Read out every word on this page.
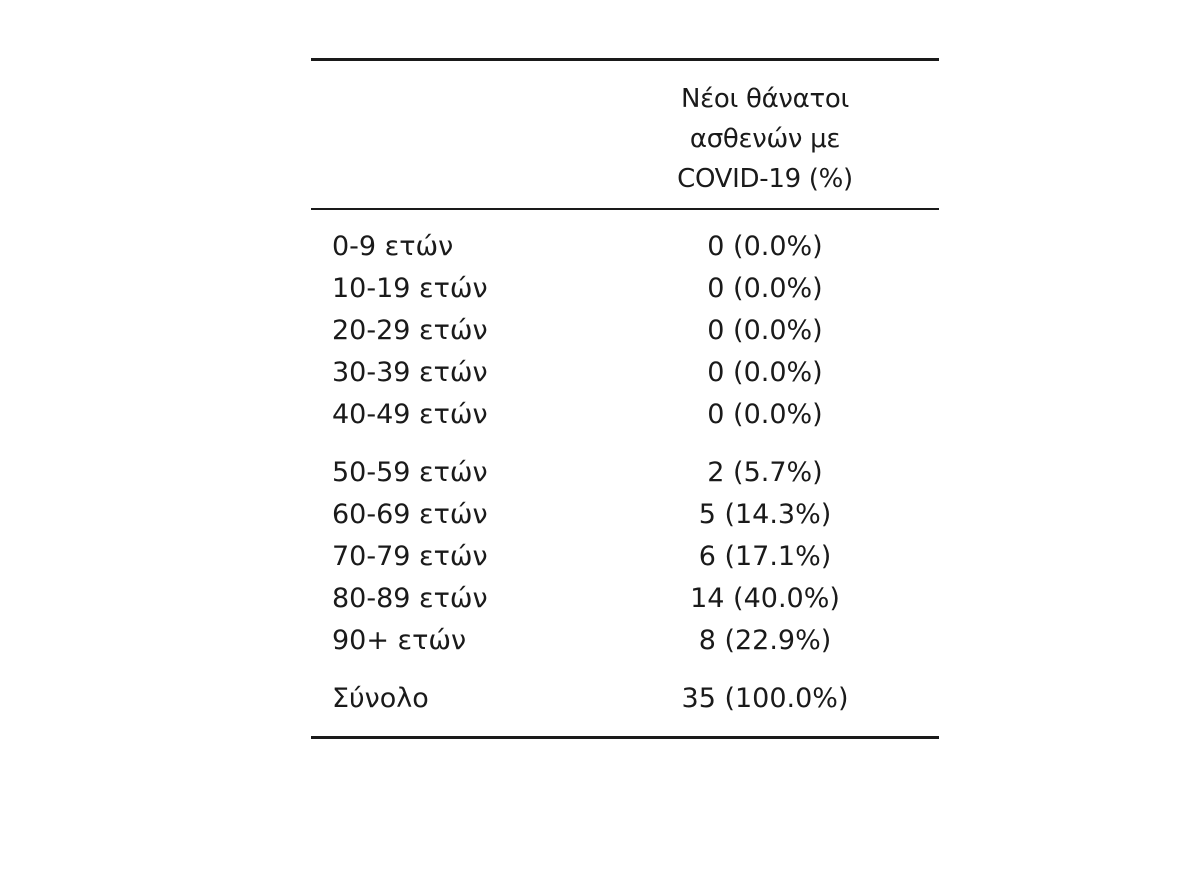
Νέοι θάνατοι
ασθενών με
COVID-19 (%)
0-9 ετών	0 (0.0%)
10-19 ετών	0 (0.0%)
20-29 ετών	0 (0.0%)
30-39 ετών	0 (0.0%)
40-49 ετών	0 (0.0%)
50-59 ετών	2 (5.7%)
60-69 ετών	5 (14.3%)
70-79 ετών	6 (17.1%)
80-89 ετών	14 (40.0%)
90+ ετών	8 (22.9%)
Σύνολο	35 (100.0%)
